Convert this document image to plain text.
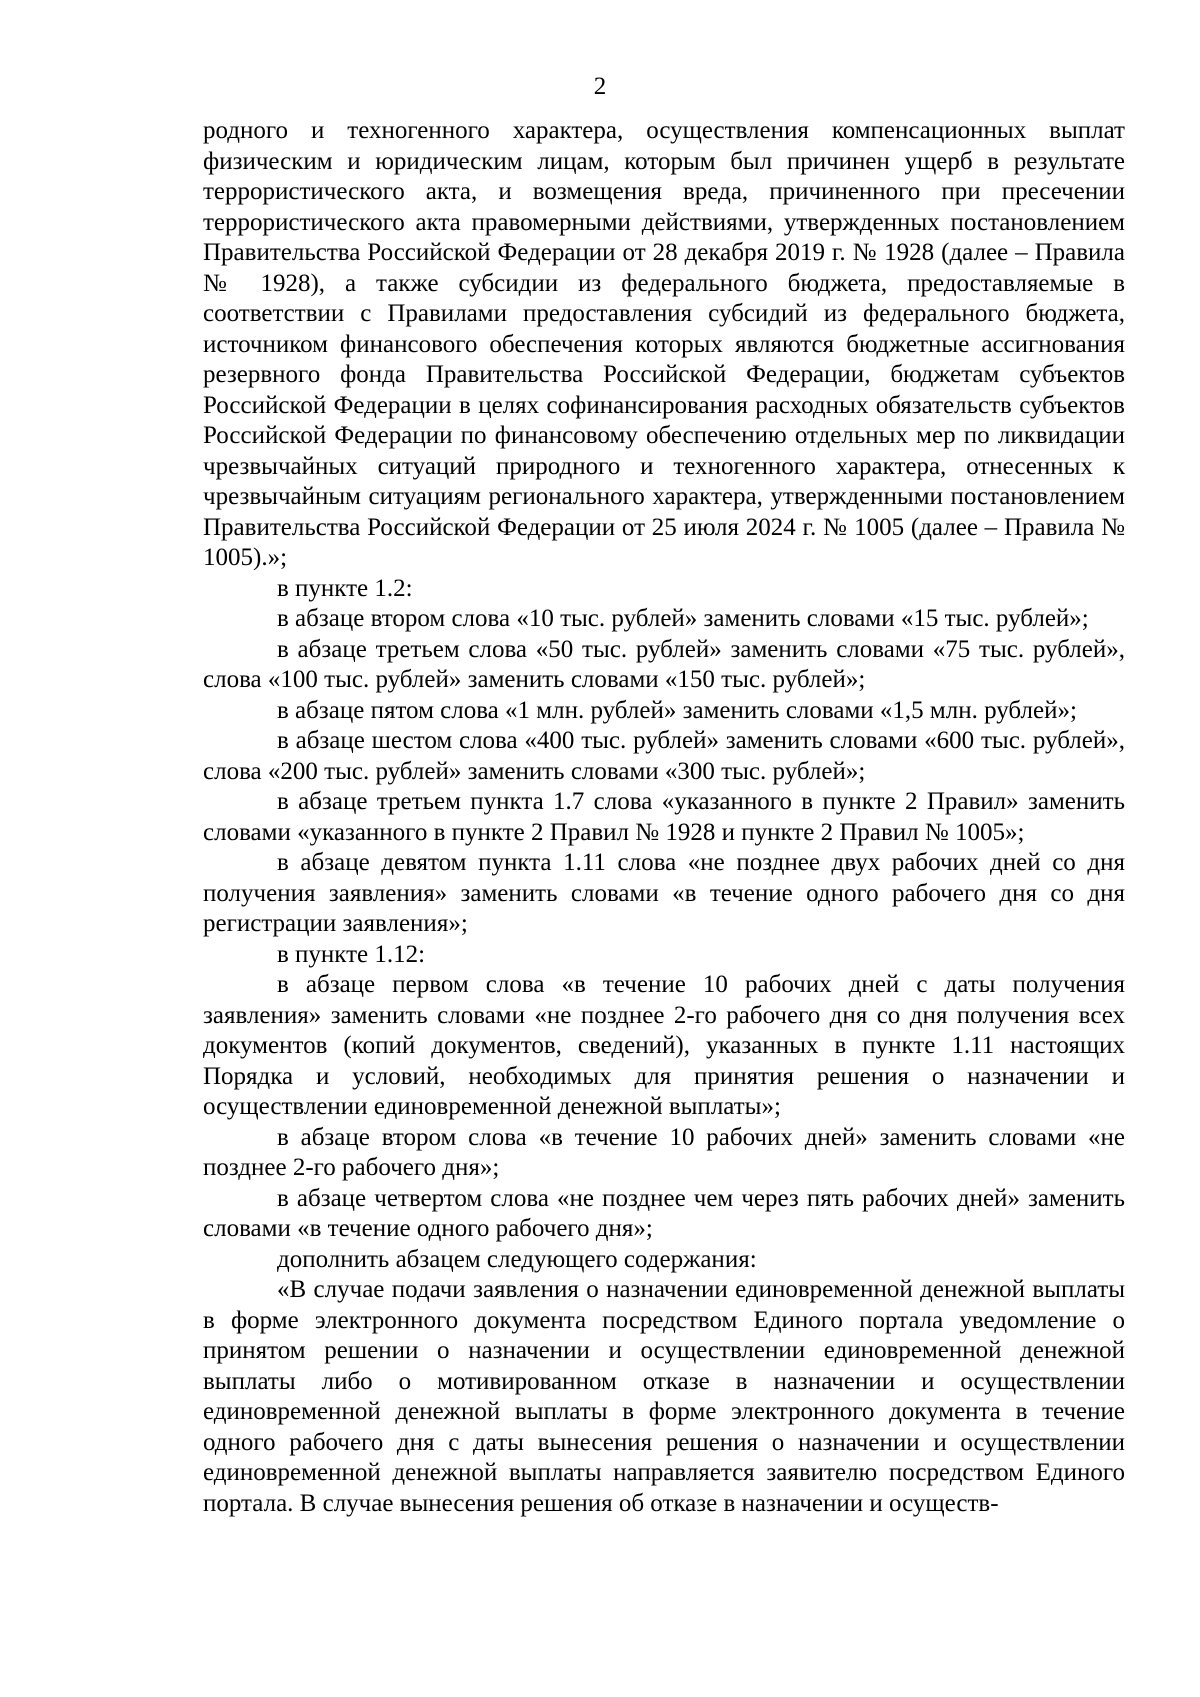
2

родного и техногенного характера, осуществления компенсационных выплат физическим и юридическим лицам, которым был причинен ущерб в результате террористического акта, и возмещения вреда, причиненного при пресечении террористического акта правомерными действиями, утвержденных постановлением Правительства Российской Федерации от 28 декабря 2019 г. № 1928 (далее – Правила № 1928), а также субсидии из федерального бюджета, предоставляемые в соответствии с Правилами предоставления субсидий из федерального бюджета, источником финансового обеспечения которых являются бюджетные ассигнования резервного фонда Правительства Российской Федерации, бюджетам субъектов Российской Федерации в целях софинансирования расходных обязательств субъектов Российской Федерации по финансовому обеспечению отдельных мер по ликвидации чрезвычайных ситуаций природного и техногенного характера, отнесенных к чрезвычайным ситуациям регионального характера, утвержденными постановлением Правительства Российской Федерации от 25 июля 2024 г. № 1005 (далее – Правила № 1005).»;

в пункте 1.2:

в абзаце втором слова «10 тыс. рублей» заменить словами «15 тыс. рублей»;

в абзаце третьем слова «50 тыс. рублей» заменить словами «75 тыс. рублей», слова «100 тыс. рублей» заменить словами «150 тыс. рублей»;

в абзаце пятом слова «1 млн. рублей» заменить словами «1,5 млн. рублей»;

в абзаце шестом слова «400 тыс. рублей» заменить словами «600 тыс. рублей», слова «200 тыс. рублей» заменить словами «300 тыс. рублей»;

в абзаце третьем пункта 1.7 слова «указанного в пункте 2 Правил» заменить словами «указанного в пункте 2 Правил № 1928 и пункте 2 Правил № 1005»;

в абзаце девятом пункта 1.11 слова «не позднее двух рабочих дней со дня получения заявления» заменить словами «в течение одного рабочего дня со дня регистрации заявления»;

в пункте 1.12:

в абзаце первом слова «в течение 10 рабочих дней с даты получения заявления» заменить словами «не позднее 2-го рабочего дня со дня получения всех документов (копий документов, сведений), указанных в пункте 1.11 настоящих Порядка и условий, необходимых для принятия решения о назначении и осуществлении единовременной денежной выплаты»;

в абзаце втором слова «в течение 10 рабочих дней» заменить словами «не позднее 2-го рабочего дня»;

в абзаце четвертом слова «не позднее чем через пять рабочих дней» заменить словами «в течение одного рабочего дня»;

дополнить абзацем следующего содержания:

«В случае подачи заявления о назначении единовременной денежной выплаты в форме электронного документа посредством Единого портала уведомление о принятом решении о назначении и осуществлении единовременной денежной выплаты либо о мотивированном отказе в назначении и осуществлении единовременной денежной выплаты в форме электронного документа в течение одного рабочего дня с даты вынесения решения о назначении и осуществлении единовременной денежной выплаты направляется заявителю посредством Единого портала. В случае вынесения решения об отказе в назначении и осуществ-
